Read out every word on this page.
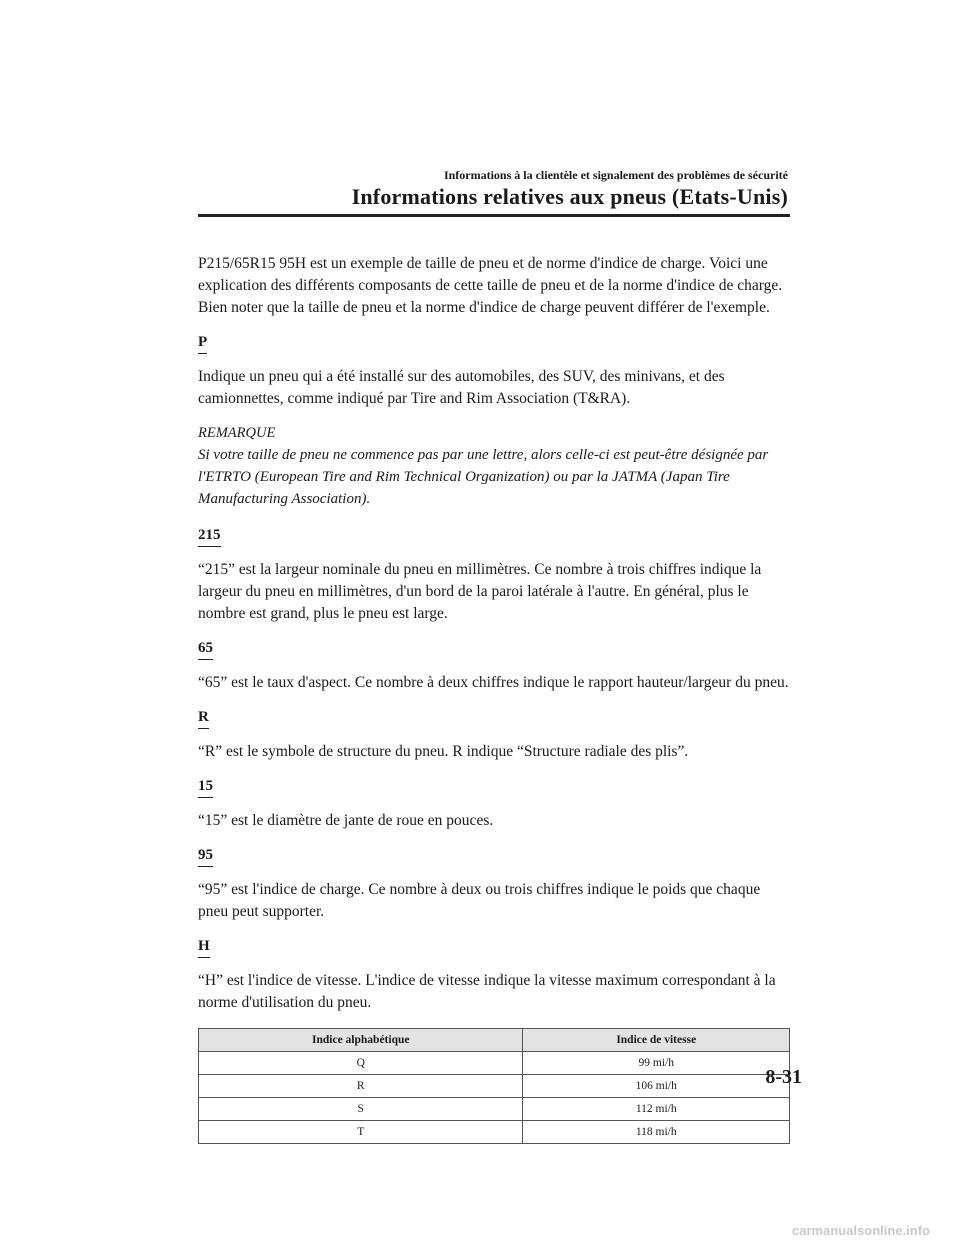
Informations à la clientèle et signalement des problèmes de sécurité
Informations relatives aux pneus (Etats-Unis)

P215/65R15 95H est un exemple de taille de pneu et de norme d'indice de charge. Voici une explication des différents composants de cette taille de pneu et de la norme d'indice de charge. Bien noter que la taille de pneu et la norme d'indice de charge peuvent différer de l'exemple.

P

Indique un pneu qui a été installé sur des automobiles, des SUV, des minivans, et des camionnettes, comme indiqué par Tire and Rim Association (T&RA).

REMARQUE

Si votre taille de pneu ne commence pas par une lettre, alors celle-ci est peut-être désignée par l'ETRTO (European Tire and Rim Technical Organization) ou par la JATMA (Japan Tire Manufacturing Association).

215

“215” est la largeur nominale du pneu en millimètres. Ce nombre à trois chiffres indique la largeur du pneu en millimètres, d'un bord de la paroi latérale à l'autre. En général, plus le nombre est grand, plus le pneu est large.

65

“65” est le taux d'aspect. Ce nombre à deux chiffres indique le rapport hauteur/largeur du pneu.

R

“R” est le symbole de structure du pneu. R indique “Structure radiale des plis”.

15

“15” est le diamètre de jante de roue en pouces.

95

“95” est l'indice de charge. Ce nombre à deux ou trois chiffres indique le poids que chaque pneu peut supporter.

H

“H” est l'indice de vitesse. L'indice de vitesse indique la vitesse maximum correspondant à la norme d'utilisation du pneu.

Indice alphabétique	Indice de vitesse
Q	99 mi/h
R	106 mi/h
S	112 mi/h
T	118 mi/h
8-31
carmanualsonline.info
